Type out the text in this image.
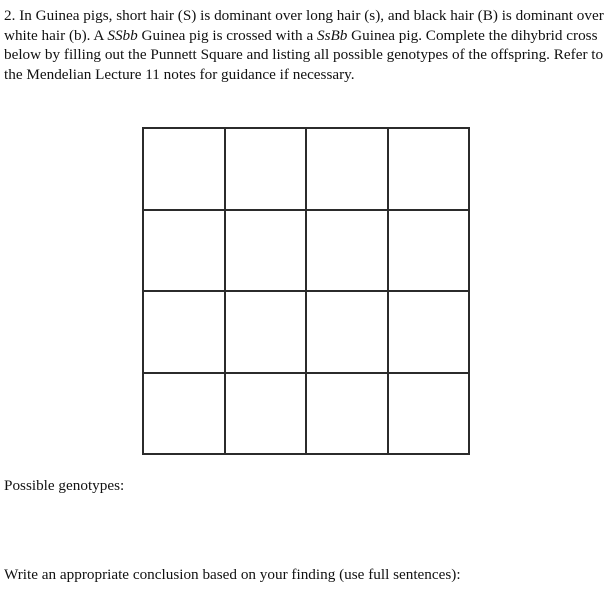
2. In Guinea pigs, short hair (S) is dominant over long hair (s), and black hair (B) is dominant over white hair (b). A SSbb Guinea pig is crossed with a SsBb Guinea pig. Complete the dihybrid cross below by filling out the Punnett Square and listing all possible genotypes of the offspring. Refer to the Mendelian Lecture 11 notes for guidance if necessary.

Possible genotypes:

Write an appropriate conclusion based on your finding (use full sentences):
